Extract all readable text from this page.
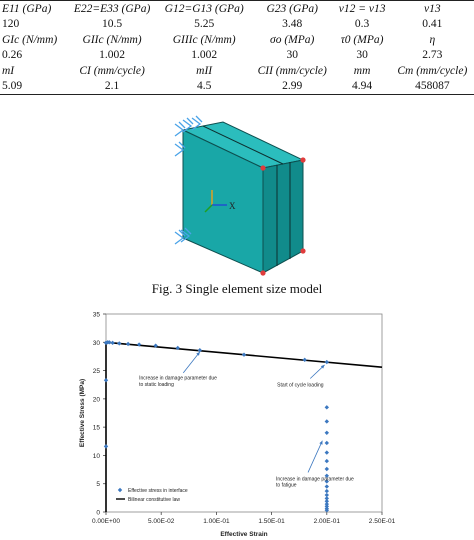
E11 (GPa)	E22=E33 (GPa)	G12=G13 (GPa)	G23 (GPa)	ν12 = ν13	ν13
120	10.5	5.25	3.48	0.3	0.41
GIc (N/mm)	GIIc (N/mm)	GIIIc (N/mm)	σo (MPa)	τ0 (MPa)	η
0.26	1.002	1.002	30	30	2.73
mI	CI (mm/cycle)	mII	CII (mm/cycle)	mm	Cm (mm/cycle)
5.09	2.1	4.5	2.99	4.94	458087
X
Fig. 3 Single element size model
0
5
10
15
20
25
30
35
0.00E+00	5.00E-02	1.00E-01	1.50E-01	2.00E-01	2.50E-01
Effective Strain
Effective Stress (MPa)
Increase in damage parameter due to static loading	Start of cycle loading
Increase in damage parameter due to fatigue
Effective stress in interface
Bilinear constitutive law
